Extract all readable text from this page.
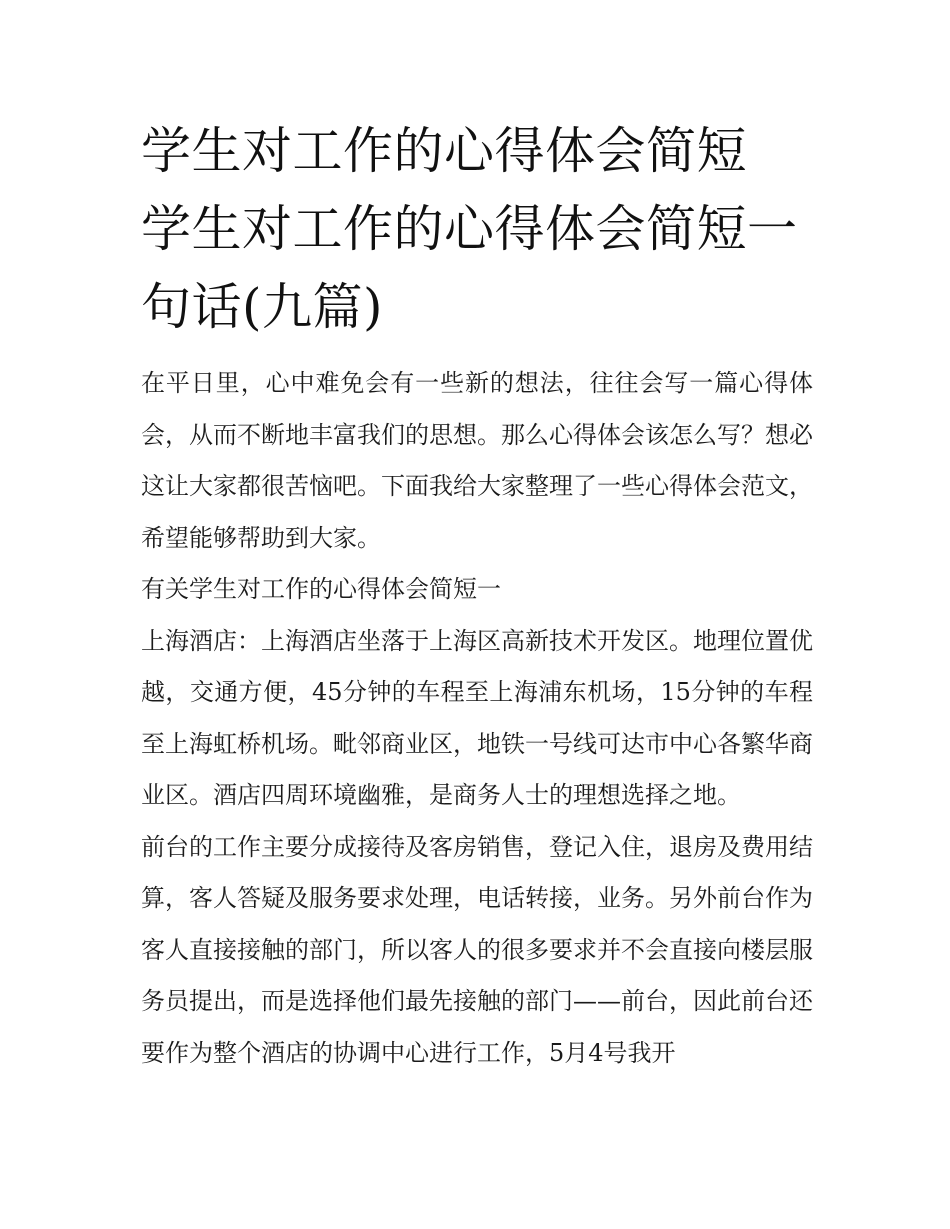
学生对工作的心得体会简短 学生对工作的心得体会简短一句话(九篇)

在平日里，心中难免会有一些新的想法，往往会写一篇心得体会，从而不断地丰富我们的思想。那么心得体会该怎么写？想必这让大家都很苦恼吧。下面我给大家整理了一些心得体会范文，希望能够帮助到大家。

有关学生对工作的心得体会简短一

上海酒店：上海酒店坐落于上海区高新技术开发区。地理位置优越，交通方便，45分钟的车程至上海浦东机场，15分钟的车程至上海虹桥机场。毗邻商业区，地铁一号线可达市中心各繁华商业区。酒店四周环境幽雅，是商务人士的理想选择之地。

前台的工作主要分成接待及客房销售，登记入住，退房及费用结算，客人答疑及服务要求处理，电话转接，业务。另外前台作为客人直接接触的部门，所以客人的很多要求并不会直接向楼层服务员提出，而是选择他们最先接触的部门——前台，因此前台还要作为整个酒店的协调中心进行工作，5月4号我开
